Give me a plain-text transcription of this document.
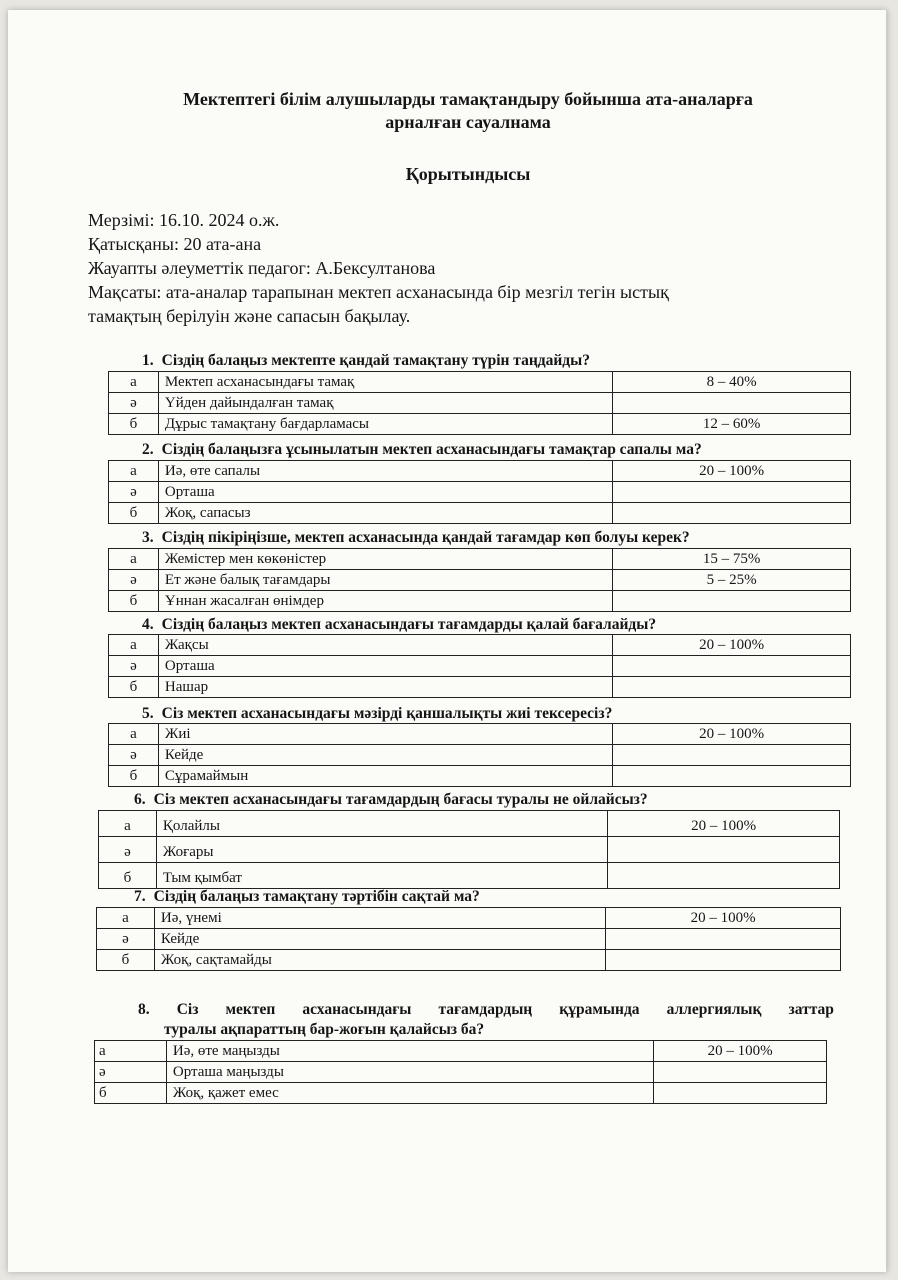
Мектептегі білім алушыларды тамақтандыру бойынша ата-аналарға
арналған сауалнама
Қорытындысы
Мерзімі: 16.10. 2024 о.ж.
Қатысқаны: 20 ата-ана
Жауапты әлеуметтік педагог: А.Бексултанова
Мақсаты: ата-аналар тарапынан мектеп асханасында бір мезгіл тегін ыстық
тамақтың берілуін және сапасын бақылау.
1. Сіздің балаңыз мектепте қандай тамақтану түрін таңдайды?
а	Мектеп асханасындағы тамақ	8 – 40%
ә	Үйден дайындалған тамақ	
б	Дұрыс тамақтану бағдарламасы	12 – 60%
2. Сіздің балаңызға ұсынылатын мектеп асханасындағы тамақтар сапалы ма?
а	Иә, өте сапалы	20 – 100%
ә	Орташа	
б	Жоқ, сапасыз	
3. Сіздің пікіріңізше, мектеп асханасында қандай тағамдар көп болуы керек?
а	Жемістер мен көкөністер	15 – 75%
ә	Ет және балық тағамдары	5 – 25%
б	Ұннан жасалған өнімдер	
4. Сіздің балаңыз мектеп асханасындағы тағамдарды қалай бағалайды?
а	Жақсы	20 – 100%
ә	Орташа	
б	Нашар	
5. Сіз мектеп асханасындағы мәзірді қаншалықты жиі тексересіз?
а	Жиі	20 – 100%
ә	Кейде	
б	Сұрамаймын	
6. Сіз мектеп асханасындағы тағамдардың бағасы туралы не ойлайсыз?
а	Қолайлы	20 – 100%
ә	Жоғары	
б	Тым қымбат	
7. Сіздің балаңыз тамақтану тәртібін сақтай ма?
а	Иә, үнемі	20 – 100%
ә	Кейде	
б	Жоқ, сақтамайды	
8. Сіз мектеп асханасындағы тағамдардың құрамында аллергиялық заттар
туралы ақпараттың бар-жоғын қалайсыз ба?
а	Иә, өте маңызды	20 – 100%
ә	Орташа маңызды	
б	Жоқ, қажет емес	
